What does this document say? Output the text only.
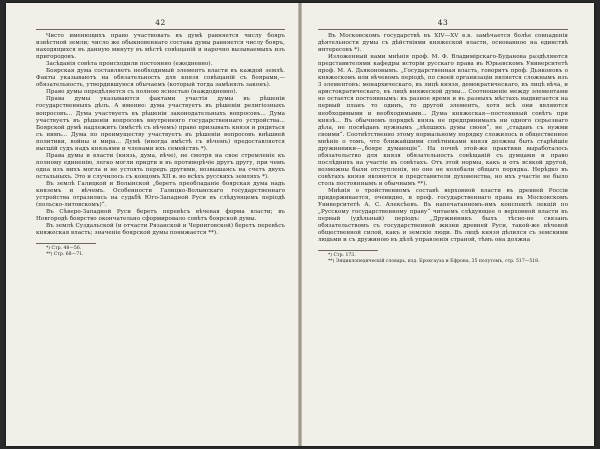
42

Чисто именющихъ право участвовать въ думѣ равняется числу бояръ извѣстной земли; число же обыкновеннаго состава думы равняется числу бояръ, находящихся въ данную минуту въ мѣстѣ совѣщаній и нарочно вызываемыхъ изъ пригородовъ.

Засѣданія совѣта происходили постоянно (ежедневно).

Боярская дума составляетъ необходимый элементъ власти въ каждой землѣ. Факты указываютъ на обязательность для князя совѣщаній съ боярами,—обязательность, утвердившуюся обычаемъ (который тогда замѣнялъ законъ).

Право думы опредѣляется съ полною ясностью (наждодневно).

Права думы указываются фактами участія думы въ рѣшеніи государственныхъ дѣлъ. А именно: дума участвуетъ въ рѣшеніи религіозныхъ вопросовъ... Дума участвуетъ въ рѣшеніи законодательныхъ вопросовъ... Дума участвуетъ въ рѣшеніи вопросовъ внутренняго государственнаго устройства... Боярской думѣ надлежитъ (вмѣстѣ съ вѣчемъ) право призывать князя и рядиться съ нимъ... Дума по преимуществу участвуетъ въ рѣшеніи вопросовъ внѣшней политики, войны и мира... Думѣ (иногда вмѣстѣ съ вѣчемъ) предоставляется высшій судъ надъ князьями и членами ихъ семействъ *).

Права думы и власти (князь, дума, вѣче), не смотря на свое стремленіе къ полному единенію, легко могли придти и въ противорѣчіе другъ другу, при чемъ одна изъ нихъ могла и не устоять передъ другими, возвышаясь на счетъ двухъ остальныхъ. Это и случилось съ концомъ XII в. во всѣхъ русскихъ земляхъ *).

Въ землѣ Галицкой и Волынской „беретъ преобладаніе боярская дума надъ княземъ и вѣчемъ. Особенности Галицко-Волынскаго государственнаго устройства отразились на судьбѣ Юго-Западной Руси въ слѣдующемъ періодѣ (польско-литовскомъ)“.

Въ Сѣверо-Западной Руси беретъ перевѣсъ вѣчевая форма власти; въ Новгородѣ боярство окончательно сформировало совѣтъ боярской думы.

Въ землѣ Суздальской (и отчасти Рязанской и Черниговской) беретъ перевѣсъ княжеская власть; значеніе боярской думы понижается **).

*) Стр. 48—56.
**) Стр. 68—71.
43

Въ Московскомъ государствѣ въ XIV—XV в.в. замѣчается болѣе совпаденія дѣятельности думы съ дѣйствіями княжеской власти, основанное на единствѣ интересовъ *).

Изложенный нами мнѣнія проф. М. Ф. Владимірскаго-Буданова раздѣляются представителями кафедры исторіи русскаго права въ Юрьевскомъ Университетѣ проф. М. А. Дьяконовымъ. „Государственная власть, говоритъ проф. Дьяконовъ о княжескомъ или вѣчевомъ періодѣ, по своей организаціи является сложнымъ изъ 3 элементовъ: монархическаго, въ лицѣ князя, демократическаго, въ лицѣ вѣча, и аристократическаго, въ лицѣ княжеской думы... Соотношеніе между элементами не остается постояннымъ: въ разное время и въ разныхъ мѣстахъ выдвигается на первый планъ то одинъ, то другой элементъ, хотя всѣ они являются необходимыми и необходимыми... Дума княжеская—постоянный совѣтъ при князѣ... Въ обычномъ порядкѣ князь не предпринималъ ни одного серьезнаго дѣла, не посвѣдавъ нужнымъ „лѣпшихъ думы своея“, не „стадавъ съ нужми своими“. Соотвѣтственно этому нормальному порядку сложилось и общественное мнѣніе о томъ, что ближайшими совѣтниками князя должны быть старѣйшіе дружинники—„бояре думающіе“. На почвѣ этой-же практики выработалось обязательство для князя обязательность совѣщаній съ думцами и право послѣднихъ на участіе въ совѣтахъ. Отъ этой нормы, какъ и отъ всякой другой, возможны были отступленія, но оне не колебали общаго порядка. Нерѣдко въ совѣтахъ князя являются и представители духовенства, но ихъ участіе не было столь постояннымъ и обычнымъ **).

Мнѣнія о тройственномъ составѣ верховной власти въ древней Россіи придерживается, очевидно, и проф. государственнаго права въ Московскомъ Университетѣ А. С. Алексѣевъ. Въ напечатанномъ-имъ конспектѣ лекцій по „Русскому государственному праву“ читаемъ слѣдующее о верховной власти въ первый (удѣльный) періодъ: „Дружинникъ былъ тѣсно-не связанъ обязательствомъ съ государственной жизни древней Руси, такой-же вѣчевой общественной силой, какъ и земскіе люди. Въ лицѣ князя дѣлился съ земскими людьми и съ дружиною въ дѣлѣ управленія страной, тѣмъ она должна

*) Стр. 173.
**) Энциклопедическій словарь, изд. Брокгауза и Ефрона, 35 полутомъ, стр. 517—518.
